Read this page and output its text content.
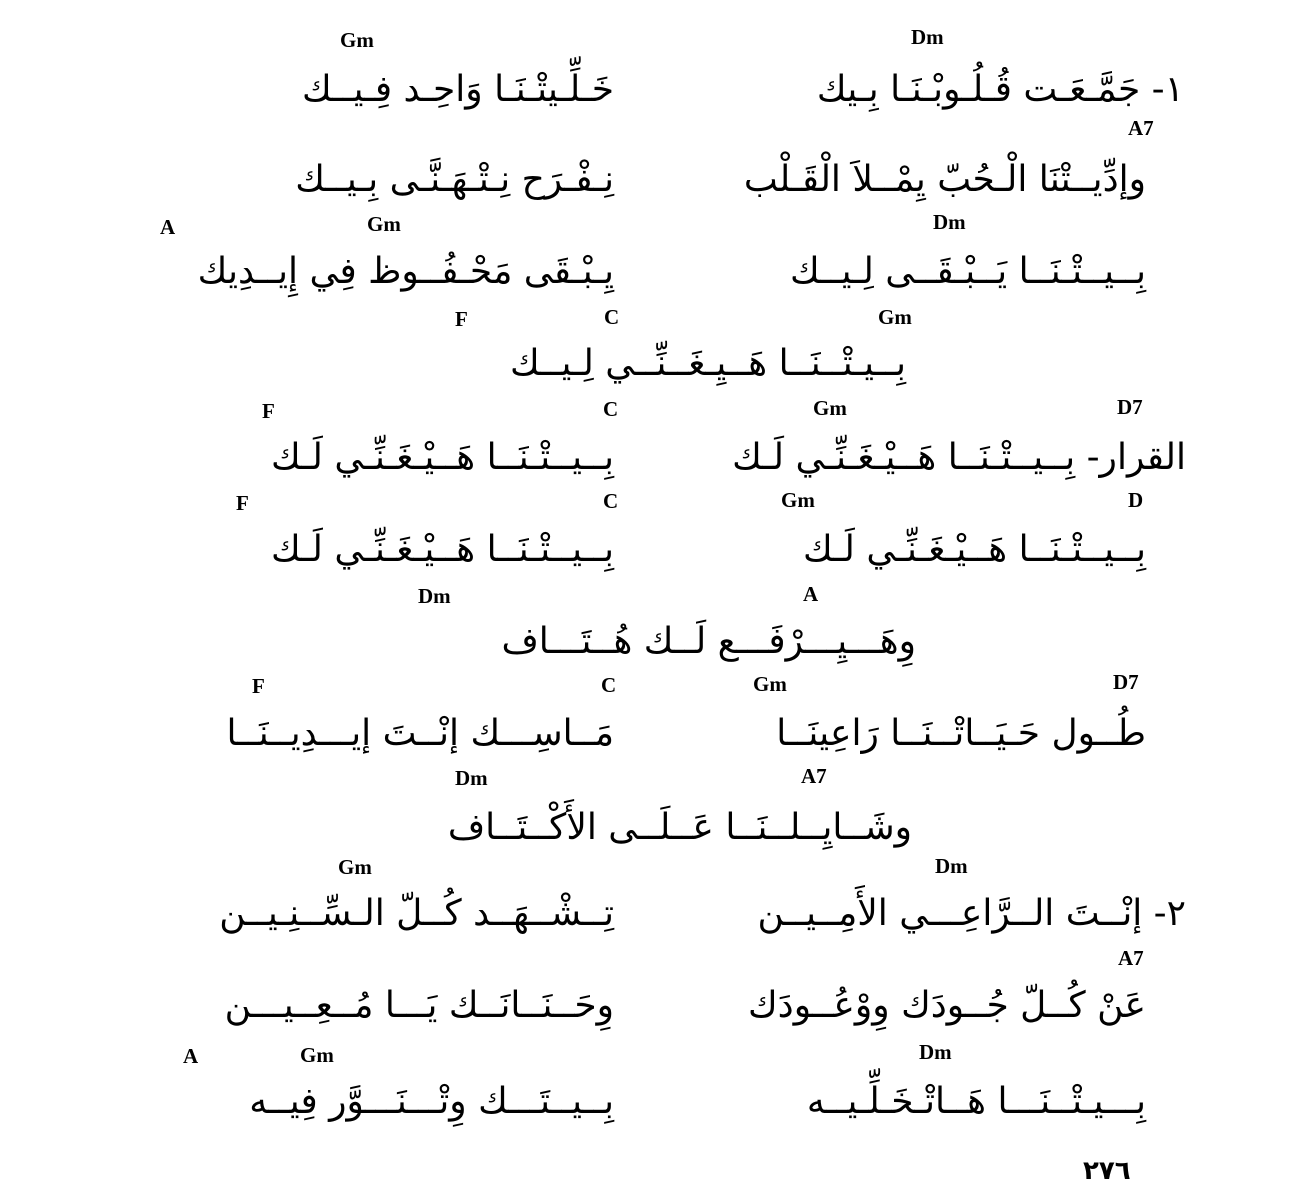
Gm	Dm
١- جَمَّـعَـت قُـلُـوبْـنَـا بِـيك
خَـلِّـيتْـنَـا وَاحِـد فِـيــك
A7
وإدِّيــتْنَا الْـحُبّ يِمْــلاَ الْقَـلْب
نِـفْـرَح نِـتْـهَـنَّـى بِـيــك
A	Gm	Dm
بِــيــتْـنَــا يَــبْـقَــى لِـيــك
يِـبْـقَى مَحْـفُــوظ فِي إِيــدِيك
F	C	Gm
بِــيـتْــنَــا هَــيِـغَــنِّــي لِـيــك
F	C	Gm	D7
القرار- بِــيــتْـنَــا هَــيْـغَـنِّـي لَـك
بِــيــتْـنَــا هَــيْـغَـنِّـي لَـك
F	C	Gm	D
بِــيــتْـنَــا هَــيْـغَـنِّـي لَـك
بِــيــتْـنَــا هَــيْـغَـنِّـي لَـك
Dm	A
وِهَـــيِـــرْفَـــع لَــك هُــتَـــاف
F	C	Gm	D7
طُــول حَـيَــاتْــنَــا رَاعِينَــا
مَــاسِـــك إنْــتَ إيـــدِيــنَــا
Dm	A7
وشَــايِــلــنَــا عَــلَــى الأَكْــتَــاف
Gm	Dm
٢- إنْــتَ الــرَّاعِـــي الأَمِــيــن
تِــشْــهَــد كُــلّ الـسِّــنِـيــن
A7
عَنْ كُــلّ جُــودَك وِوْعُــودَك
وِحَــنَــانَــك يَـــا مُــعِــيـــن
A	Gm	Dm
بِـــيـتْــنَـــا هَــاتْـخَـلِّـيــه
بِــيــتَـــك وِتْـــنَـــوَّر فِيــه
٢٧٦
